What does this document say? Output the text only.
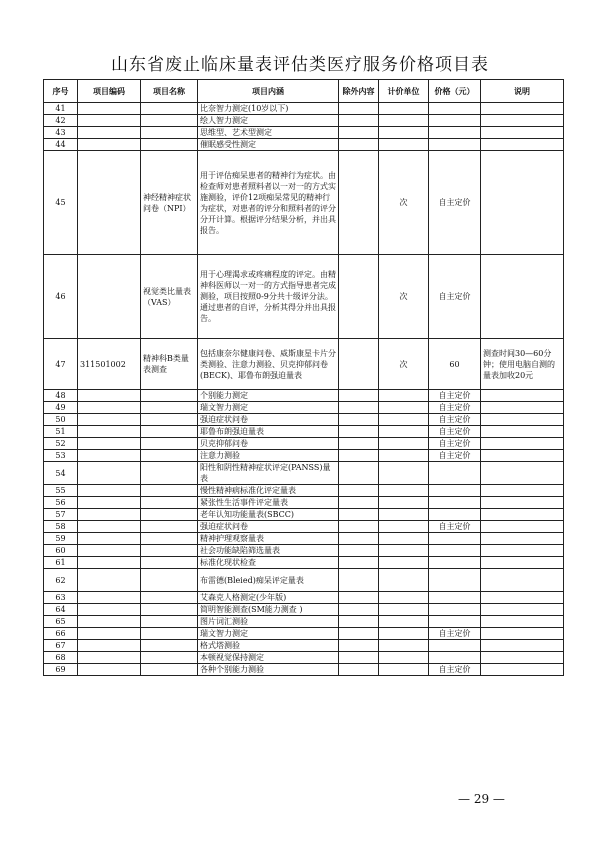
山东省废止临床量表评估类医疗服务价格项目表
序号	项目编码	项目名称	项目内涵	除外内容	计价单位	价格（元）	说明
41			比奈智力测定(10岁以下)				
42			绘人智力测定				
43			思维型、艺术型测定				
44			催眠感受性测定				
45		神经精神症状问卷（NPI）	用于评估痴呆患者的精神行为症状。由检查师对患者照料者以一对一的方式实施测验，评价12项痴呆常见的精神行为症状，对患者的评分和照料者的评分分开计算。根据评分结果分析，并出具报告。		次	自主定价	
46		视觉类比量表（VAS）	用于心理渴求或疼痛程度的评定。由精神科医师以一对一的方式指导患者完成测验，项目按照0-9分共十级评分法。通过患者的自评，分析其得分并出具报告。		次	自主定价	
47	311501002	精神科B类量表测查	包括康奈尔健康问卷、威斯康星卡片分类测验、注意力测验、贝克抑郁问卷(BECK)、耶鲁布朗强迫量表		次	60	测查时间30—60分钟；使用电脑自测的量表加收20元
48			个别能力测定			自主定价	
49			瑞文智力测定			自主定价	
50			强迫症状问卷			自主定价	
51			耶鲁布朗强迫量表			自主定价	
52			贝克抑郁问卷			自主定价	
53			注意力测验			自主定价	
54			阳性和阴性精神症状评定(PANSS)量表				
55			慢性精神病标准化评定量表				
56			紧张性生活事件评定量表				
57			老年认知功能量表(SBCC)				
58			强迫症状问卷			自主定价	
59			精神护理观察量表				
60			社会功能缺陷筛选量表				
61			标准化现状检查				
62			布雷德(Bleied)痴呆评定量表				
63			艾森克人格测定(少年版)				
64			简明智能测查(SM能力测查 )				
65			图片词汇测验				
66			瑞文智力测定			自主定价	
67			格式塔测验				
68			本顿视觉保持测定				
69			各种个别能力测验			自主定价	
— 29 —
